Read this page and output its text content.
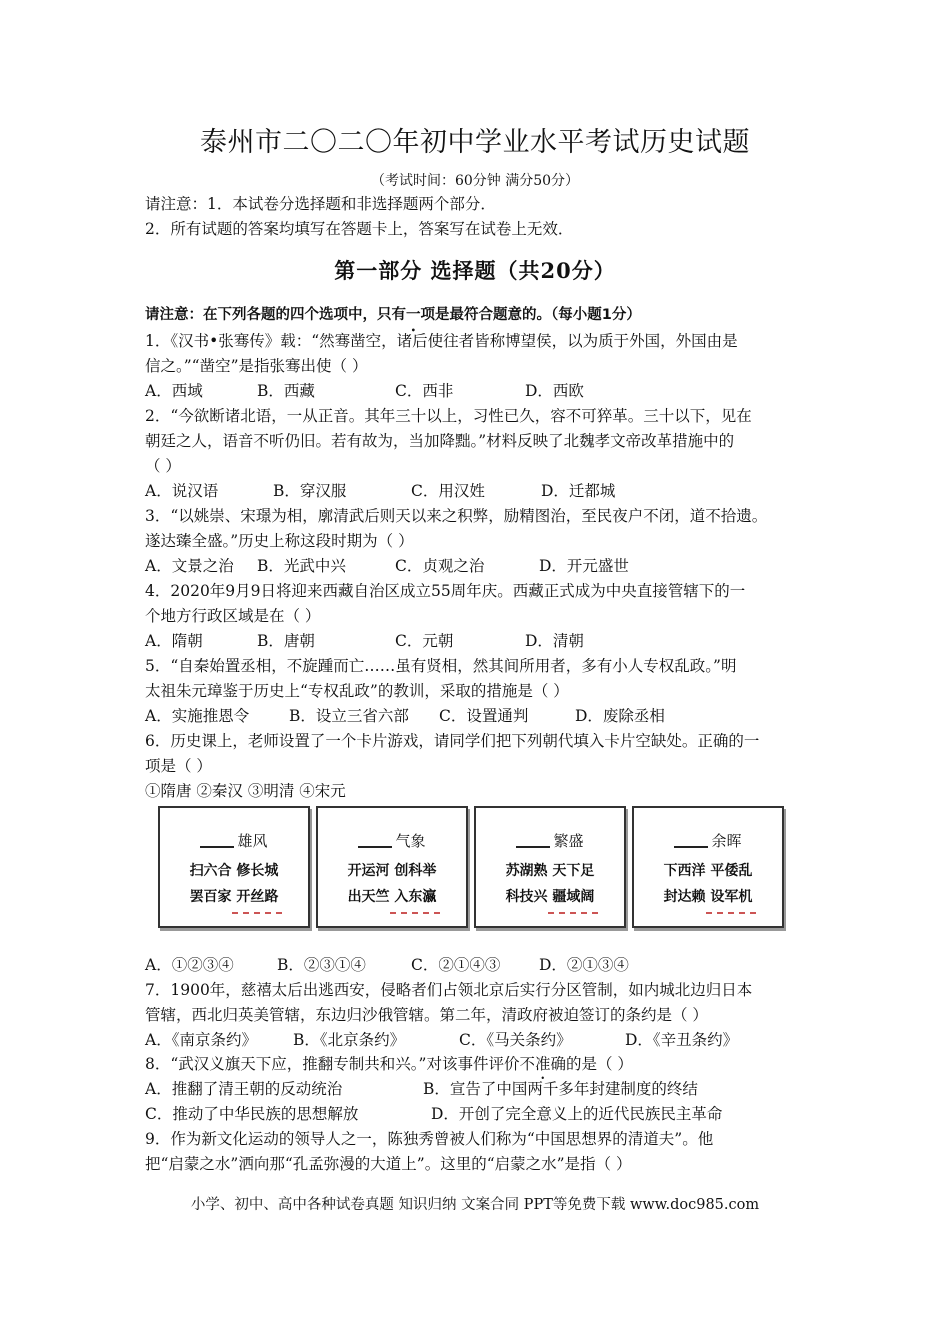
泰州市二〇二〇年初中学业水平考试历史试题
（考试时间：60分钟 满分50分）
请注意：1．本试卷分选择题和非选择题两个部分．
2．所有试题的答案均填写在答题卡上，答案写在试卷上无效．
第一部分 选择题（共20分）
请注意：在下列各题的四个选项中，只有一项是最符合题意的。（每小题1分）
1．《汉书•张骞传》载：“然骞凿空，诸后使往者皆称博望侯，以为质于外国，外国由是
信之。”“凿空”是指张骞出使（ ）
A．西域	B．西藏	C．西非	D．西欧
2．“今欲断诸北语，一从正音。其年三十以上，习性已久，容不可猝革。三十以下，见在
朝廷之人，语音不听仍旧。若有故为，当加降黜。”材料反映了北魏孝文帝改革措施中的
（ ）
A．说汉语	B．穿汉服	C．用汉姓	D．迁都城
3．“以姚崇、宋璟为相，廓清武后则天以来之积弊，励精图治，至民夜户不闭，道不拾遗。
遂达臻全盛。”历史上称这段时期为（ ）
A．文景之治 B．光武中兴	C．贞观之治	D．开元盛世
4．2020年9月9日将迎来西藏自治区成立55周年庆。西藏正式成为中央直接管辖下的一
个地方行政区域是在（ ）
A．隋朝	B．唐朝	C．元朝	D．清朝
5．“自秦始置丞相，不旋踵而亡……虽有贤相，然其间所用者，多有小人专权乱政。”明
太祖朱元璋鉴于历史上“专权乱政”的教训，采取的措施是（ ）
A．实施推恩令	B．设立三省六部 C．设置通判	D．废除丞相
6．历史课上，老师设置了一个卡片游戏，请同学们把下列朝代填入卡片空缺处。正确的一
项是（ ）
①隋唐 ②秦汉 ③明清 ④宋元
雄风
扫六合 修长城
罢百家 开丝路
气象
开运河 创科举
出天竺 入东瀛
繁盛
苏湖熟 天下足
科技兴 疆域阔
余晖
下西洋 平倭乱
封达赖 设军机
A．①②③④	B．②③①④	C．②①④③ D．②①③④
7．1900年，慈禧太后出逃西安，侵略者们占领北京后实行分区管制，如内城北边归日本
管辖，西北归英美管辖，东边归沙俄管辖。第二年，清政府被迫签订的条约是（ ）
A．《南京条约》 B．《北京条约》	C．《马关条约》	D．《辛丑条约》
8．“武汉义旗天下应，推翻专制共和兴。”对该事件评价不准确的是（ ）
A．推翻了清王朝的反动统治	B．宣告了中国两千多年封建制度的终结
C．推动了中华民族的思想解放	D．开创了完全意义上的近代民族民主革命
9．作为新文化运动的领导人之一，陈独秀曾被人们称为“中国思想界的清道夫”。他
把“启蒙之水”洒向那“孔孟弥漫的大道上”。这里的“启蒙之水”是指（ ）
小学、初中、高中各种试卷真题 知识归纳 文案合同 PPT等免费下载 www.doc985.com
